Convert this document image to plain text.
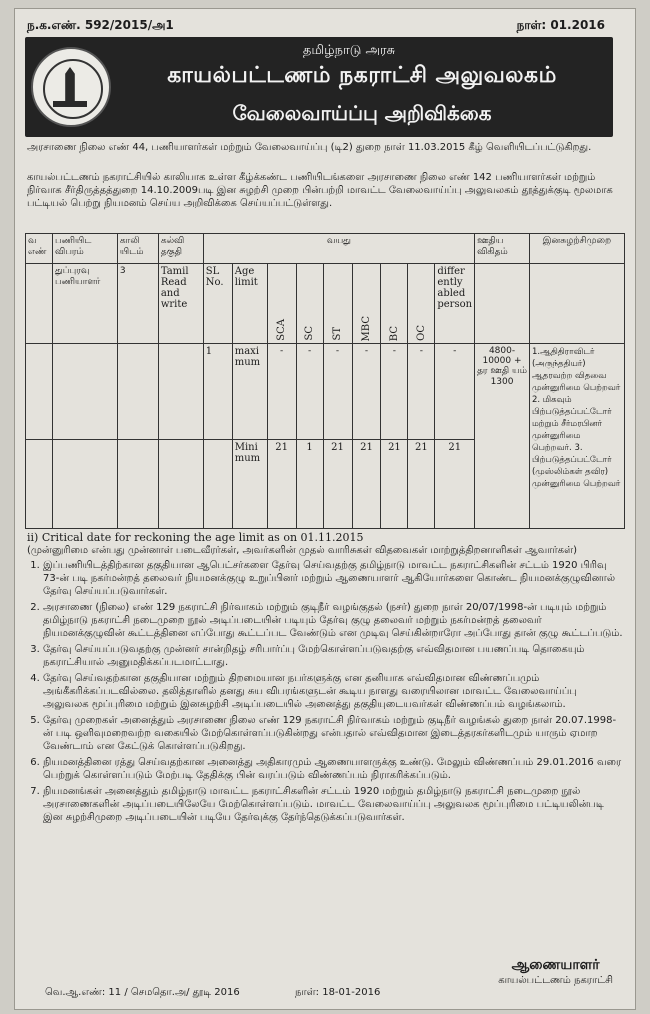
ந.க.எண். 592/2015/அ1	நாள்: 01.2016
தமிழ்நாடு அரசு
காயல்பட்டணம் நகராட்சி அலுவலகம்
வேலைவாய்ப்பு அறிவிக்கை
அரசாணை நிலை எண் 44, பணியாளர்கள் மற்றும் வேலைவாய்ப்பு (டி2) துறை நாள் 11.03.2015 கீழ் வெளியிடப்பட்டுகிறது.
காயல்பட்டணம் நகராட்சியில் காலியாக உள்ள கீழ்க்கண்ட பணியிடங்களை அரசாணை நிலை எண் 142 பணியாளர்கள் மற்றும் நிர்வாக சீர்திருத்தத்துறை 14.10.2009படி இன சுழற்சி முறை பின்பற்றி மாவட்ட வேலைவாய்ப்பு அலுவலகம் தூத்துக்குடி மூலமாக பட்டியல் பெற்று நியமனம் செய்ய அறிவிக்கை செய்யப்பட்டுள்ளது.
வ எண்	பணியிட விபரம்	காலி யிடம்	கல்வி தகுதி	வயது									ஊதிய விகிதம்	இனசுழற்சிமுறை
	துப்புரவு பணியாளர்	3	Tamil Read and write	SL No.	Age limit	SCA	SC	ST	MBC	BC	OC	differ ently abled person		
				1	maxi mum	-	-	-	-	-	-	-	4800-10000 + தர ஊதி யம் 1300	1.ஆதிதிராவிடர் (அருந்ததியர்) ஆதரவற்ற விதவை முன்னுரிமை பெற்றவர் 2. மிகவும் பிற்படுத்தப்பட்டோர் மற்றும் சீர்மரபினர் முன்னுரிமை பெற்றவர். 3. பிற்படுத்தப்பட்டோர் (முஸ்லிம்கள் தவிர) முன்னுரிமை பெற்றவர்
					Mini mum	21	1	21	21	21	21	21		
ii) Critical date for reckoning the age limit as on 01.11.2015
(முன்னுரிமை என்பது முன்னாள் படைவீரர்கள், அவர்களின் முதல் வாரிசுகள் விதவைகள் மாற்றுத்திறனாளிகள் ஆவார்கள்)
1. இப்பணியிடத்திற்கான தகுதியான ஆபெட்சர்களை தேர்வு செய்வதற்கு தமிழ்நாடு மாவட்ட நகராட்சிகளின் சட்டம் 1920 பிரிவு 73-ன் படி நகர்மன்றத் தலைவர் நியமனக்குழு உறுப்பினர் மற்றும் ஆணையாளர் ஆகியோர்களை கொண்ட நியமனக்குழுவினால் தேர்வு செய்யப்படுவார்கள்.
2. அரசாணை (நிலை) எண் 129 நகராட்சி நிர்வாகம் மற்றும் குடிநீர் வழங்குதல் (நசர்) துறை நாள் 20/07/1998-ன் படியும் மற்றும் தமிழ்நாடு நகராட்சி நடைமுறை நூல் அடிப்படையின் படியும் தேர்வு குழு தலைவர் மற்றும் நகர்மன்றத் தலைவர் நியமனக்குழுவின் கூட்டத்தினை எப்போது கூட்டப்பட வேண்டும் என முடிவு செய்கின்றாரோ அப்போது தான் குழு கூட்டப்படும்.
3. தேர்வு செய்யப்படுவதற்கு முன்னர் சான்றிதழ் சரிபார்ப்பு மேற்கொள்ளப்படுவதற்கு எவ்விதமான பயணப்படி தொகையும் நகராட்சியால் அனுமதிக்கப்படமாட்டாது.
4. தேர்வு செய்வதற்கான தகுதியான மற்றும் திறமையான நபர்களுக்கு என தனியாக எவ்விதமான விண்ணப்பமும் அங்கீகரிக்கப்படவில்லை. தலித்தாளில் தனது சுய விபரங்களுடன் கூடிய நாளது வரையிலான மாவட்ட வேலைவாய்ப்பு அலுவலக மூப்புரிமை மற்றும் இனசுழற்சி அடிப்படையில் அனைத்து தகுதியுடையவர்கள் விண்ணப்பம் வழங்கலாம்.
5. தேர்வு முறைகள் அனைத்தும் அரசாணை நிலை எண் 129 நகராட்சி நிர்வாகம் மற்றும் குடிநீர் வழங்கல் துறை நாள் 20.07.1998-ன் படி ஒளிவுமறைவற்ற வகையில் மேற்கொள்ளப்படுகின்றது என்பதால் எவ்விதமான இடைத்தரகர்களிடமும் யாரும் ஏமாற வேண்டாம் என கேட்டுக் கொள்ளப்படுகிறது.
6. நியமனத்தினை ரத்து செய்வதற்கான அனைத்து அதிகாரமும் ஆணையாளருக்கு உண்டு. மேலும் விண்ணப்பம் 29.01.2016 வரை பெற்றுக் கொள்ளப்படும் மேற்படி தேதிக்கு பின் வரப்படும் விண்ணப்பம் நிராகரிக்கப்படும்.
7. நியமனங்கள் அனைத்தும் தமிழ்நாடு மாவட்ட நகராட்சிகளின் சட்டம் 1920 மற்றும் தமிழ்நாடு நகராட்சி நடைமுறை நூல் அரசாணைகளின் அடிப்படையிலேயே மேற்கொள்ளப்படும். மாவட்ட வேலைவாய்ப்பு அலுவலக மூப்புரிமை பட்டியலின்படி இன சுழற்சிமுறை அடிப்படையின் படியே தேர்வுக்கு தேர்ந்தெடுக்கப்படுவார்கள்.
ஆணையாளர்
காயல்பட்டணம் நகராட்சி
வெ.ஆ.எண்: 11 / செமதொ.அ/ தூடி 2016	நாள்: 18-01-2016
